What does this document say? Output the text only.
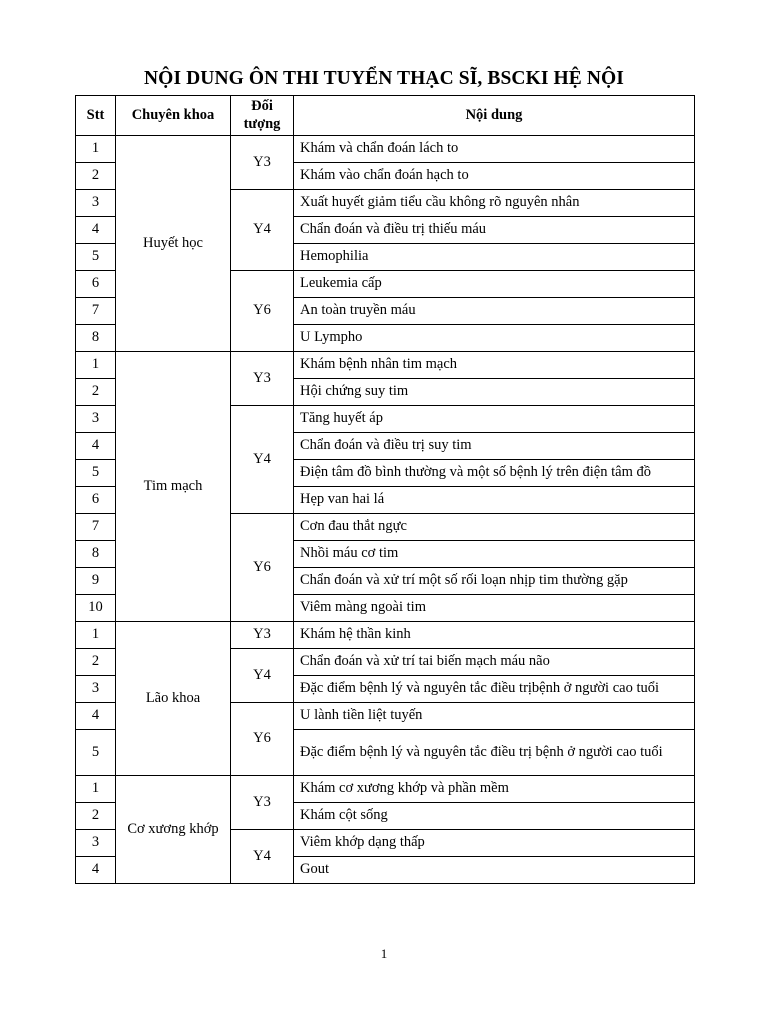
NỘI DUNG ÔN THI TUYỂN THẠC SĨ, BSCKI HỆ NỘI
Stt	Chuyên khoa	Đối tượng	Nội dung
1	Huyết học	Y3	Khám và chẩn đoán lách to
2			Khám vào chẩn đoán hạch to
3		Y4	Xuất huyết giảm tiểu cầu không rõ nguyên nhân
4			Chẩn đoán và điều trị thiếu máu
5			Hemophilia
6		Y6	Leukemia cấp
7			An toàn truyền máu
8			U Lympho
1	Tim mạch	Y3	Khám bệnh nhân tim mạch
2			Hội chứng suy tim
3		Y4	Tăng huyết áp
4			Chẩn đoán và điều trị suy tim
5			Điện tâm đồ bình thường và một số bệnh lý trên điện tâm đồ
6			Hẹp van hai lá
7		Y6	Cơn đau thắt ngực
8			Nhồi máu cơ tim
9			Chẩn đoán và xử trí một số rối loạn nhịp tim thường gặp
10			Viêm màng ngoài tim
1	Lão khoa	Y3	Khám hệ thần kinh
2		Y4	Chẩn đoán và xử trí tai biến mạch máu não
3			Đặc điểm bệnh lý và nguyên tắc điều trịbệnh ở người cao tuổi
4		Y6	U lành tiền liệt tuyến
5			Đặc điểm bệnh lý và nguyên tắc điều trị bệnh ở người cao tuổi
1	Cơ xương khớp	Y3	Khám cơ xương khớp và phần mềm
2			Khám cột sống
3		Y4	Viêm khớp dạng thấp
4			Gout
1
